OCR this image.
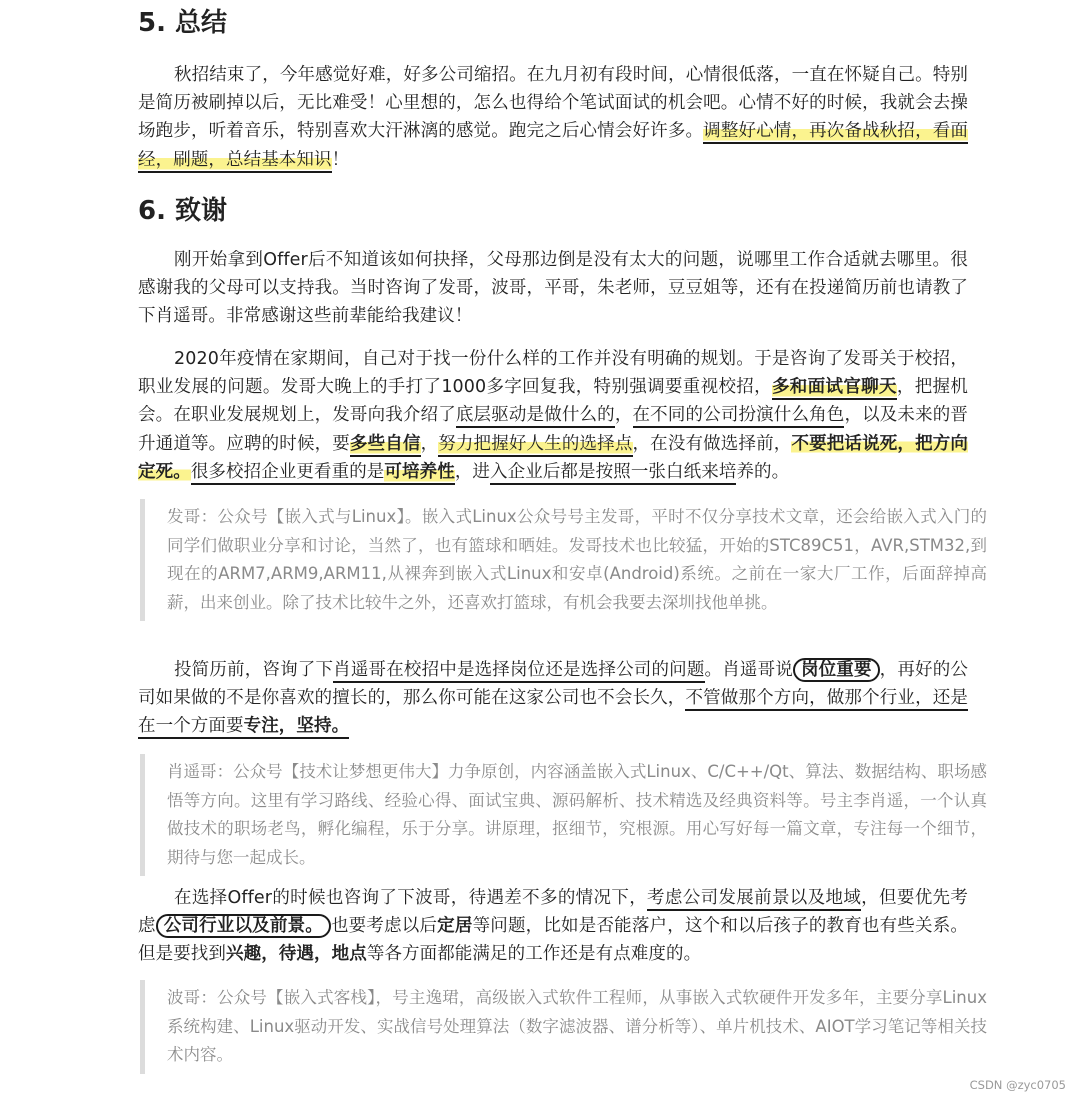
5. 总结

秋招结束了，今年感觉好难，好多公司缩招。在九月初有段时间，心情很低落，一直在怀疑自己。特别是简历被刷掉以后，无比难受！心里想的，怎么也得给个笔试面试的机会吧。心情不好的时候，我就会去操场跑步，听着音乐，特别喜欢大汗淋漓的感觉。跑完之后心情会好许多。调整好心情，再次备战秋招，看面经，刷题，总结基本知识！

6. 致谢

刚开始拿到Offer后不知道该如何抉择，父母那边倒是没有太大的问题，说哪里工作合适就去哪里。很感谢我的父母可以支持我。当时咨询了发哥，波哥，平哥，朱老师，豆豆姐等，还有在投递简历前也请教了下肖遥哥。非常感谢这些前辈能给我建议！

2020年疫情在家期间，自己对于找一份什么样的工作并没有明确的规划。于是咨询了发哥关于校招，职业发展的问题。发哥大晚上的手打了1000多字回复我，特别强调要重视校招，多和面试官聊天，把握机会。在职业发展规划上，发哥向我介绍了底层驱动是做什么的，在不同的公司扮演什么角色，以及未来的晋升通道等。应聘的时候，要多些自信，努力把握好人生的选择点，在没有做选择前，不要把话说死，把方向定死。很多校招企业更看重的是可培养性，进入企业后都是按照一张白纸来培养的。

发哥：公众号【嵌入式与Linux】。嵌入式Linux公众号号主发哥，平时不仅分享技术文章，还会给嵌入式入门的同学们做职业分享和讨论，当然了，也有篮球和晒娃。发哥技术也比较猛，开始的STC89C51，AVR,STM32,到现在的ARM7,ARM9,ARM11,从裸奔到嵌入式Linux和安卓(Android)系统。之前在一家大厂工作，后面辞掉高薪，出来创业。除了技术比较牛之外，还喜欢打篮球，有机会我要去深圳找他单挑。

投简历前，咨询了下肖遥哥在校招中是选择岗位还是选择公司的问题。肖遥哥说 岗位重要 ，再好的公司如果做的不是你喜欢的擅长的，那么你可能在这家公司也不会长久，不管做那个方向，做那个行业，还是在一个方面要专注，坚持。

肖遥哥：公众号【技术让梦想更伟大】力争原创，内容涵盖嵌入式Linux、C/C++/Qt、算法、数据结构、职场感悟等方向。这里有学习路线、经验心得、面试宝典、源码解析、技术精选及经典资料等。号主李肖遥，一个认真做技术的职场老鸟，孵化编程，乐于分享。讲原理，抠细节，究根源。用心写好每一篇文章，专注每一个细节，期待与您一起成长。

在选择Offer的时候也咨询了下波哥，待遇差不多的情况下，考虑公司发展前景以及地域，但要优先考虑 公司行业以及前景。 也要考虑以后定居等问题，比如是否能落户，这个和以后孩子的教育也有些关系。但是要找到兴趣，待遇，地点等各方面都能满足的工作还是有点难度的。

波哥：公众号【嵌入式客栈】，号主逸珺，高级嵌入式软件工程师，从事嵌入式软硬件开发多年，主要分享Linux系统构建、Linux驱动开发、实战信号处理算法（数字滤波器、谱分析等）、单片机技术、AIOT学习笔记等相关技术内容。
CSDN @zyc0705
